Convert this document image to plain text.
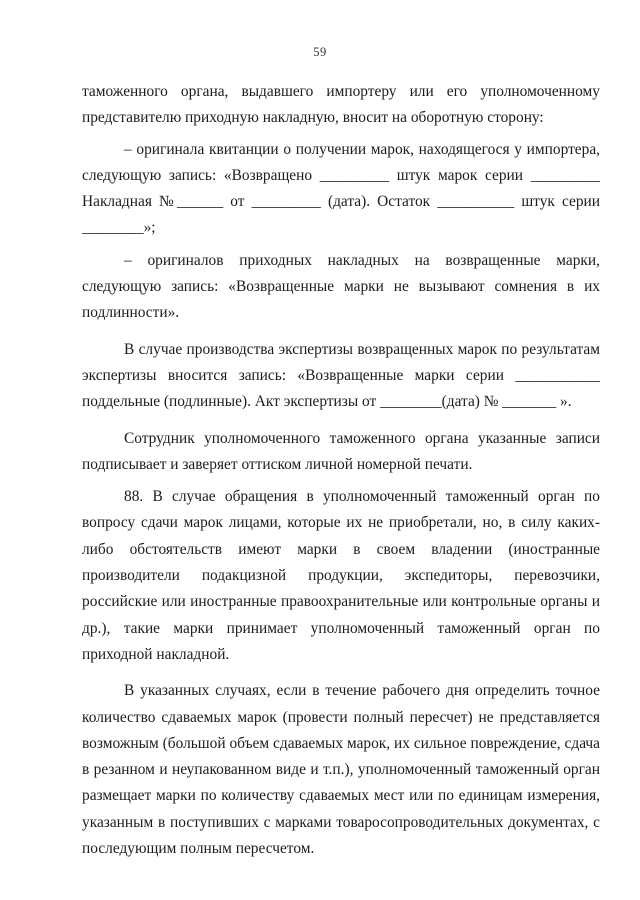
59

таможенного органа, выдавшего импортеру или его уполномоченному представителю приходную накладную, вносит на оборотную сторону:

– оригинала квитанции о получении марок, находящегося у импортера, следующую запись: «Возвращено _________ штук марок серии _________ Накладная №______ от _________ (дата). Остаток __________ штук серии ________»;

– оригиналов приходных накладных на возвращенные марки, следующую запись: «Возвращенные марки не вызывают сомнения в их подлинности».

В случае производства экспертизы возвращенных марок по результатам экспертизы вносится запись: «Возвращенные марки серии ___________ поддельные (подлинные). Акт экспертизы от ________(дата) № _______ ».

Сотрудник уполномоченного таможенного органа указанные записи подписывает и заверяет оттиском личной номерной печати.

88. В случае обращения в уполномоченный таможенный орган по вопросу сдачи марок лицами, которые их не приобретали, но, в силу каких-либо обстоятельств имеют марки в своем владении (иностранные производители подакцизной продукции, экспедиторы, перевозчики, российские или иностранные правоохранительные или контрольные органы и др.), такие марки принимает уполномоченный таможенный орган по приходной накладной.

В указанных случаях, если в течение рабочего дня определить точное количество сдаваемых марок (провести полный пересчет) не представляется возможным (большой объем сдаваемых марок, их сильное повреждение, сдача в резанном и неупакованном виде и т.п.), уполномоченный таможенный орган размещает марки по количеству сдаваемых мест или по единицам измерения, указанным в поступивших с марками товаросопроводительных документах, с последующим полным пересчетом.
